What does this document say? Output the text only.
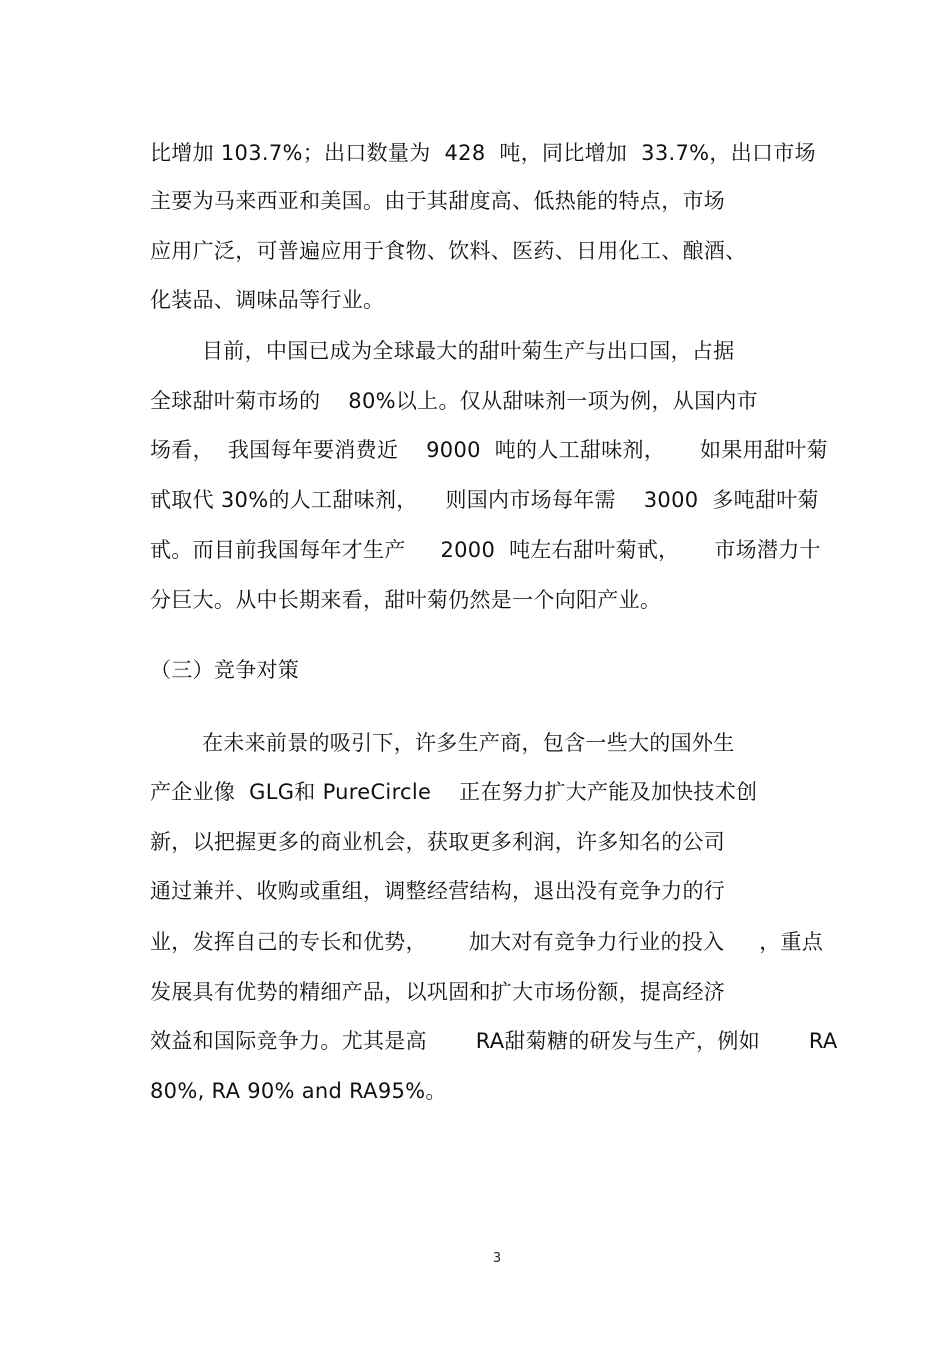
比增加 103.7%；出口数量为  428  吨，同比增加  33.7%，出口市场
主要为马来西亚和美国。由于其甜度高、低热能的特点，市场
应用广泛，可普遍应用于食物、饮料、医药、日用化工、酿酒、
化装品、调味品等行业。
目前，中国已成为全球最大的甜叶菊生产与出口国，占据
全球甜叶菊市场的    80%以上。仅从甜味剂一项为例，从国内市
场看，  我国每年要消费近    9000  吨的人工甜味剂，     如果用甜叶菊
甙取代 30%的人工甜味剂，    则国内市场每年需    3000  多吨甜叶菊
甙。而目前我国每年才生产     2000  吨左右甜叶菊甙，     市场潜力十
分巨大。从中长期来看，甜叶菊仍然是一个向阳产业。
（三）竞争对策
在未来前景的吸引下，许多生产商，包含一些大的国外生
产企业像  GLG和 PureCircle    正在努力扩大产能及加快技术创
新，以把握更多的商业机会，获取更多利润，许多知名的公司
通过兼并、收购或重组，调整经营结构，退出没有竞争力的行
业，发挥自己的专长和优势，      加大对有竞争力行业的投入     ，重点
发展具有优势的精细产品，以巩固和扩大市场份额，提高经济
效益和国际竞争力。尤其是高       RA甜菊糖的研发与生产，例如       RA
80%, RA 90% and RA95%。
3
